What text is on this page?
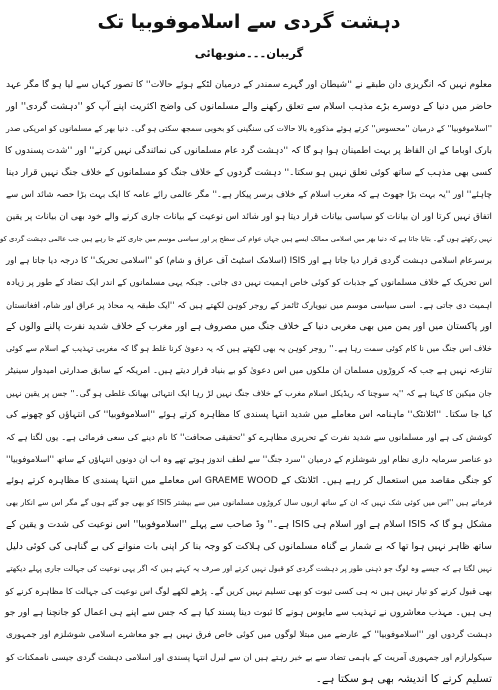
دہشت گردی سے اسلاموفوبیا تک
گریبان۔۔۔منوبھائی
معلوم نہیں کہ انگریزی دان طبقے نے ''شیطان اور گہرے سمندر کے درمیان لٹکے ہوئے حالات'' کا تصور کہاں سے لیا ہو گا مگر عہد
حاضر میں دنیا کے دوسرے بڑے مذہب اسلام سے تعلق رکھنے والے مسلمانوں کی واضح اکثریت اپنے آپ کو ''دہشت گردی'' اور
''اسلاموفوبیا'' کے درمیان ''محسوس'' کرتے ہوئے مذکورہ بالا حالات کی سنگینی کو بخوبی سمجھ سکتی ہو گی۔ دنیا بھر کے مسلمانوں کو امریکی صدر
بارک اوباما کے ان الفاظ پر بہت اطمینان ہوا ہو گا کہ ''دہشت گرد عام مسلمانوں کی نمائندگی نہیں کرتے'' اور ''شدت پسندوں کا
کسی بھی مذہب کے ساتھ کوئی تعلق نہیں ہو سکتا۔'' دہشت گردوں کے خلاف جنگ کو مسلمانوں کے خلاف جنگ نہیں قرار دینا
چاہئے'' اور ''یہ بہت بڑا جھوٹ ہے کہ مغرب اسلام کے خلاف برسر پیکار ہے۔'' مگر عالمی رائے عامہ کا ایک بہت بڑا حصہ شائد اس سے
اتفاق نہیں کرتا اور ان بیانات کو سیاسی بیانات قرار دیتا ہو اور شائد اس نوعیت کے بیانات جاری کرنے والے خود بھی ان بیانات پر یقین
نہیں رکھتے ہوں گے۔ بتایا جاتا ہے کہ دنیا بھر میں اسلامی ممالک ایسے ہیں جہاں عوام کی سطح پر اور سیاسی موسم میں جاری کئے جا رہے ہیں جب عالمی دہشت گردی کو
برسرعام اسلامی دہشت گردی قرار دیا جاتا ہے اور ISIS (اسلامک اسٹیٹ آف عراق و شام) کو ''اسلامی تحریک'' کا درجہ دیا جاتا ہے اور
اس تحریک کے خلاف مسلمانوں کے جذبات کو کوئی خاص اہمیت نہیں دی جاتی۔ جبکہ یہی مسلمانوں کے اندر ایک تضاد کے طور پر زیادہ
اہمیت دی جاتی ہے۔ اسی سیاسی موسم میں نیویارک ٹائمز کے روجر کوہن لکھتے ہیں کہ ''ایک طبقہ یہ محاذ پر عراق اور شام، افغانستان
اور پاکستان میں اور یمن میں بھی مغربی دنیا کے خلاف جنگ میں مصروف ہے اور مغرب کے خلاف شدید نفرت پالنے والوں کے
خلاف اس جنگ میں نا کام کوئی سمت رہا ہے۔'' روجر کوہن یہ بھی لکھتے ہیں کہ یہ دعویٰ کرنا غلط ہو گا کہ مغربی تہذیب کے اسلام سے کوئی
تنازعہ نہیں ہے جب کہ کروڑوں مسلمان ان ملکوں میں اس دعویٰ کو بے بنیاد قرار دیتے ہیں۔ امریکہ کے سابق صدارتی امیدوار سینیٹر
جان میکین کا کہنا ہے کہ ''یہ سوچنا کہ ریڈیکل اسلام مغرب کے خلاف جنگ نہیں لڑ رہا ایک انتہائی بھیانک غلطی ہو گی۔'' جس پر یقین نہیں
کیا جا سکتا۔ ''اٹلانٹک'' ماہنامہ اس معاملے میں شدید انتہا پسندی کا مظاہرہ کرتے ہوئے ''اسلاموفوبیا'' کی انتہاؤں کو چھونے کی
کوشش کی ہے اور مسلمانوں سے شدید نفرت کے تحریری مظاہرے کو ''تحقیقی صحافت'' کا نام دینے کی سعی فرمائی ہے۔ یوں لگتا ہے کہ
دو عناصر سرمایہ داری نظام اور شوشلزم کے درمیان ''سرد جنگ'' سے لطف اندوز ہوتے تھے وہ اب ان دونوں انتہاؤں کے ساتھ ''اسلاموفوبیا''
کو جنگی مقاصد میں استعمال کر رہے ہیں۔ اٹلانٹک کے GRAEME WOOD اس معاملے میں انتہا پسندی کا مظاہرہ کرتے ہوئے
فرماتے ہیں ''اس میں کوئی شک نہیں کہ ان کے ساتھ اربوں سال کروڑوں مسلمانوں میں سے بیشتر ISIS کو بھی جو گئے ہوں گے مگر اس سے انکار بھی
مشکل ہو گا کہ ISIS اسلام ہے اور اسلام ہی ISIS ہے۔'' وڈ صاحب سے پہلے ''اسلاموفوبیا'' اس نوعیت کی شدت و یقین کے
ساتھ ظاہر نہیں ہوا تھا کہ بے شمار بے گناہ مسلمانوں کی ہلاکت کو وجہ بنا کر اپنی بات منوانے کی بے گناہی کی کوئی دلیل
نہیں لگتا ہے کہ جیسے وہ لوگ جو ذہنی طور پر دہشت گردی کو قبول نہیں کرتے اور صرف یہ کہتے ہیں کہ اگر یہی نوعیت کی جہالت جاری پہلے دیکھتے
بھی قبول کرنے کو تیار نہیں ہیں نہ ہی کسی ثبوت کو بھی تسلیم نہیں کریں گے۔ پڑھے لکھے لوگ اس نوعیت کی جہالت کا مظاہرہ کرنے کو
ہی ہیں۔ مہذب معاشروں نے تہذیب سے مایوس ہونے کا ثبوت دینا پسند کیا ہے کہ جس سے اپنے ہی اعمال کو جانچنا ہے اور جو
دہشت گردوں اور ''اسلاموفوبیا'' کے عارضے میں مبتلا لوگوں میں کوئی خاص فرق نہیں ہے جو معاشرے اسلامی شوشلزم اور جمہوری
سیکولرازم اور جمہوری آمریت کے باہمی تضاد سے بے خبر رہتے ہیں ان سے لبرل انتہا پسندی اور اسلامی دہشت گردی جیسی ناممکنات کو
تسلیم کرنے کا اندیشہ بھی ہو سکتا ہے۔
